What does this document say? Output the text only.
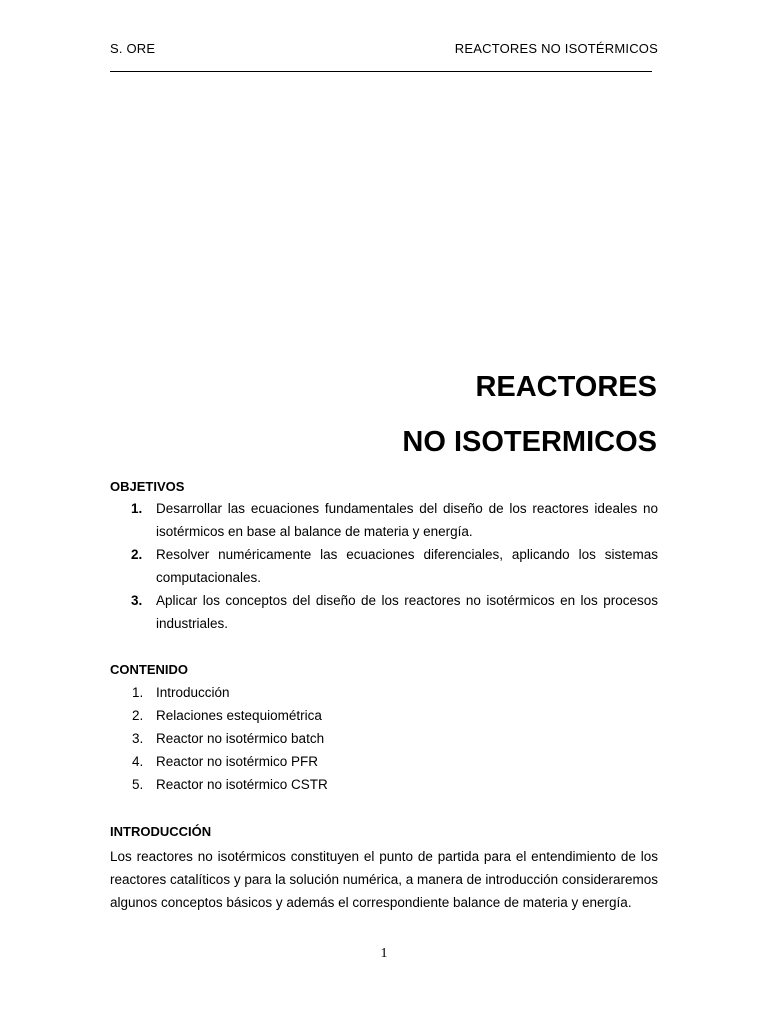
S. ORE	REACTORES NO ISOTÉRMICOS
REACTORES
NO ISOTERMICOS
OBJETIVOS
1. Desarrollar las ecuaciones fundamentales del diseño de los reactores ideales no isotérmicos en base al balance de materia y energía.
2. Resolver numéricamente las ecuaciones diferenciales, aplicando los sistemas computacionales.
3. Aplicar los conceptos del diseño de los reactores no isotérmicos en los procesos industriales.
CONTENIDO
1. Introducción
2. Relaciones estequiométrica
3. Reactor no isotérmico batch
4. Reactor no isotérmico PFR
5. Reactor no isotérmico CSTR
INTRODUCCIÓN

Los reactores no isotérmicos constituyen el punto de partida para el entendimiento de los reactores catalíticos y para la solución numérica, a manera de introducción consideraremos algunos conceptos básicos y además el correspondiente balance de materia y energía.

1
